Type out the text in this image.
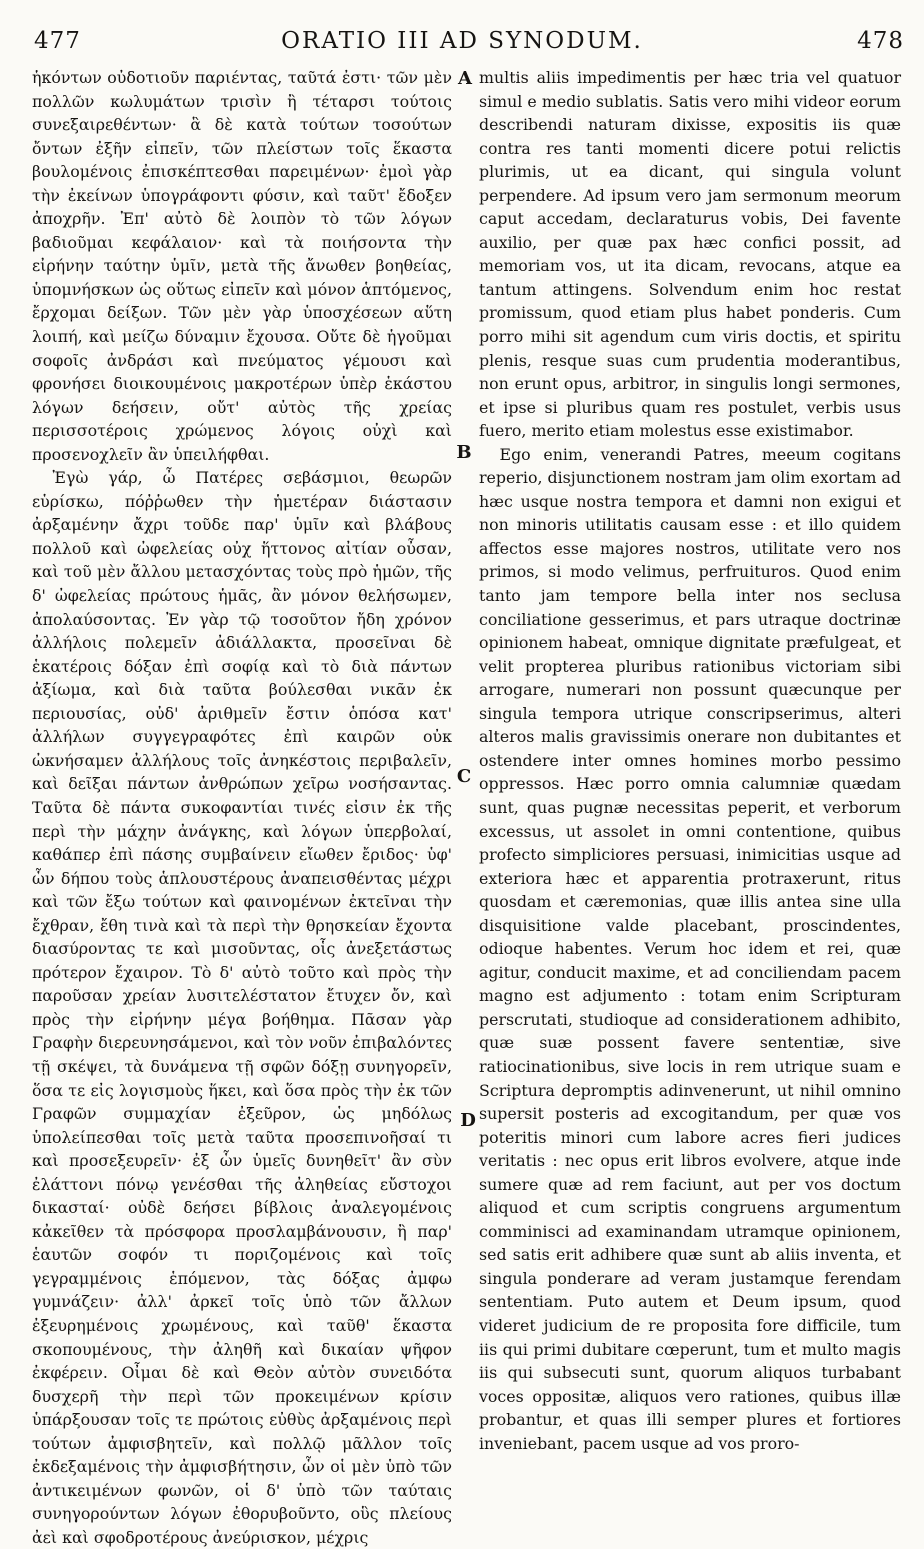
477	ORATIO III AD SYNODUM.	478

ἡκόντων οὐδοτιοῦν παριέντας, ταῦτά ἐστι· τῶν μὲν πολλῶν κωλυμάτων τρισὶν ἢ τέταρσι τούτοις συνεξαιρεθέντων· ἃ δὲ κατὰ τούτων τοσούτων ὄντων ἐξῆν εἰπεῖν, τῶν πλείστων τοῖς ἕκαστα βουλομένοις ἐπισκέπτεσθαι παρειμένων· ἐμοὶ γὰρ τὴν ἐκείνων ὑπογράφοντι φύσιν, καὶ ταῦτ' ἔδοξεν ἀποχρῆν. Ἐπ' αὐτὸ δὲ λοιπὸν τὸ τῶν λόγων βαδιοῦμαι κεφάλαιον· καὶ τὰ ποιήσοντα τὴν εἰρήνην ταύτην ὑμῖν, μετὰ τῆς ἄνωθεν βοηθείας, ὑπομνήσκων ὡς οὕτως εἰπεῖν καὶ μόνον ἁπτόμενος, ἔρχομαι δείξων. Τῶν μὲν γὰρ ὑποσχέσεων αὕτη λοιπή, καὶ μείζω δύναμιν ἔχουσα. Οὔτε δὲ ἡγοῦμαι σοφοῖς ἀνδράσι καὶ πνεύματος γέμουσι καὶ φρονήσει διοικουμένοις μακροτέρων ὑπὲρ ἑκάστου λόγων δεήσειν, οὔτ' αὐτὸς τῆς χρείας περισσοτέροις χρώμενος λόγοις οὐχὶ καὶ προσενοχλεῖν ἂν ὑπειλήφθαι.

Ἐγὼ γάρ, ὦ Πατέρες σεβάσμιοι, θεωρῶν εὑρίσκω, πόῤῥωθεν τὴν ἡμετέραν διάστασιν ἀρξαμένην ἄχρι τοῦδε παρ' ὑμῖν καὶ βλάβους πολλοῦ καὶ ὠφελείας οὐχ ἥττονος αἰτίαν οὖσαν, καὶ τοῦ μὲν ἄλλου μετασχόντας τοὺς πρὸ ἡμῶν, τῆς δ' ὠφελείας πρώτους ἡμᾶς, ἂν μόνον θελήσωμεν, ἀπολαύσοντας. Ἐν γὰρ τῷ τοσοῦτον ἤδη χρόνον ἀλλήλοις πολεμεῖν ἀδιάλλακτα, προσεῖναι δὲ ἑκατέροις δόξαν ἐπὶ σοφίᾳ καὶ τὸ διὰ πάντων ἀξίωμα, καὶ διὰ ταῦτα βούλεσθαι νικᾶν ἐκ περιουσίας, οὐδ' ἀριθμεῖν ἔστιν ὁπόσα κατ' ἀλλήλων συγγεγραφότες ἐπὶ καιρῶν οὐκ ὠκνήσαμεν ἀλλήλους τοῖς ἀνηκέστοις περιβαλεῖν, καὶ δεῖξαι πάντων ἀνθρώπων χεῖρω νοσήσαντας. Ταῦτα δὲ πάντα συκοφαντίαι τινές εἰσιν ἐκ τῆς περὶ τὴν μάχην ἀνάγκης, καὶ λόγων ὑπερβολαί, καθάπερ ἐπὶ πάσης συμβαίνειν εἴωθεν ἔριδος· ὑφ' ὧν δήπου τοὺς ἁπλουστέρους ἀναπεισθέντας μέχρι καὶ τῶν ἔξω τούτων καὶ φαινομένων ἐκτεῖναι τὴν ἔχθραν, ἔθη τινὰ καὶ τὰ περὶ τὴν θρησκείαν ἔχοντα διασύροντας τε καὶ μισοῦντας, οἷς ἀνεξετάστως πρότερον ἔχαιρον. Τὸ δ' αὐτὸ τοῦτο καὶ πρὸς τὴν παροῦσαν χρείαν λυσιτελέστατον ἔτυχεν ὄν, καὶ πρὸς τὴν εἰρήνην μέγα βοήθημα. Πᾶσαν γὰρ Γραφὴν διερευνησάμενοι, καὶ τὸν νοῦν ἐπιβαλόντες τῇ σκέψει, τὰ δυνάμενα τῇ σφῶν δόξῃ συνηγορεῖν, ὅσα τε εἰς λογισμοὺς ἥκει, καὶ ὅσα πρὸς τὴν ἐκ τῶν Γραφῶν συμμαχίαν ἐξεῦρον, ὡς μηδόλως ὑπολείπεσθαι τοῖς μετὰ ταῦτα προσεπινοῆσαί τι καὶ προσεξευρεῖν· ἐξ ὧν ὑμεῖς δυνηθεῖτ' ἂν σὺν ἐλάττονι πόνῳ γενέσθαι τῆς ἀληθείας εὔστοχοι δικασταί· οὐδὲ δεήσει βίβλοις ἀναλεγομένοις κἀκεῖθεν τὰ πρόσφορα προσλαμβάνουσιν, ἢ παρ' ἑαυτῶν σοφόν τι ποριζομένοις καὶ τοῖς γεγραμμένοις ἑπόμενον, τὰς δόξας ἀμφω γυμνάζειν· ἀλλ' ἀρκεῖ τοῖς ὑπὸ τῶν ἄλλων ἐξευρημένοις χρωμένους, καὶ ταῦθ' ἕκαστα σκοπουμένους, τὴν ἀληθῆ καὶ δικαίαν ψῆφον ἐκφέρειν. Οἶμαι δὲ καὶ Θεὸν αὐτὸν συνειδότα δυσχερῆ τὴν περὶ τῶν προκειμένων κρίσιν ὑπάρξουσαν τοῖς τε πρώτοις εὐθὺς ἀρξαμένοις περὶ τούτων ἀμφισβητεῖν, καὶ πολλῷ μᾶλλον τοῖς ἐκδεξαμένοις τὴν ἀμφισβήτησιν, ὧν οἱ μὲν ὑπὸ τῶν ἀντικειμένων φωνῶν, οἱ δ' ὑπὸ τῶν ταύταις συνηγορούντων λόγων ἐθορυβοῦντο, οὓς πλείους ἀεὶ καὶ σφοδροτέρους ἀνεύρισκον, μέχρις

A
B
C
D

multis aliis impedimentis per hæc tria vel quatuor simul e medio sublatis. Satis vero mihi videor eorum describendi naturam dixisse, expositis iis quæ contra res tanti momenti dicere potui relictis plurimis, ut ea dicant, qui singula volunt perpendere. Ad ipsum vero jam sermonum meorum caput accedam, declaraturus vobis, Dei favente auxilio, per quæ pax hæc confici possit, ad memoriam vos, ut ita dicam, revocans, atque ea tantum attingens. Solvendum enim hoc restat promissum, quod etiam plus habet ponderis. Cum porro mihi sit agendum cum viris doctis, et spiritu plenis, resque suas cum prudentia moderantibus, non erunt opus, arbitror, in singulis longi sermones, et ipse si pluribus quam res postulet, verbis usus fuero, merito etiam molestus esse existimabor.

Ego enim, venerandi Patres, meeum cogitans reperio, disjunctionem nostram jam olim exortam ad hæc usque nostra tempora et damni non exigui et non minoris utilitatis causam esse : et illo quidem affectos esse majores nostros, utilitate vero nos primos, si modo velimus, perfruituros. Quod enim tanto jam tempore bella inter nos seclusa conciliatione gesserimus, et pars utraque doctrinæ opinionem habeat, omnique dignitate præfulgeat, et velit propterea pluribus rationibus victoriam sibi arrogare, numerari non possunt quæcunque per singula tempora utrique conscripserimus, alteri alteros malis gravissimis onerare non dubitantes et ostendere inter omnes homines morbo pessimo oppressos. Hæc porro omnia calumniæ quædam sunt, quas pugnæ necessitas peperit, et verborum excessus, ut assolet in omni contentione, quibus profecto simpliciores persuasi, inimicitias usque ad exteriora hæc et apparentia protraxerunt, ritus quosdam et cæremonias, quæ illis antea sine ulla disquisitione valde placebant, proscindentes, odioque habentes. Verum hoc idem et rei, quæ agitur, conducit maxime, et ad conciliendam pacem magno est adjumento : totam enim Scripturam perscrutati, studioque ad considerationem adhibito, quæ suæ possent favere sententiæ, sive ratiocinationibus, sive locis in rem utrique suam e Scriptura depromptis adinvenerunt, ut nihil omnino supersit posteris ad excogitandum, per quæ vos poteritis minori cum labore acres fieri judices veritatis : nec opus erit libros evolvere, atque inde sumere quæ ad rem faciunt, aut per vos doctum aliquod et cum scriptis congruens argumentum comminisci ad examinandam utramque opinionem, sed satis erit adhibere quæ sunt ab aliis inventa, et singula ponderare ad veram justamque ferendam sententiam. Puto autem et Deum ipsum, quod videret judicium de re proposita fore difficile, tum iis qui primi dubitare cœperunt, tum et multo magis iis qui subsecuti sunt, quorum aliquos turbabant voces oppositæ, aliquos vero rationes, quibus illæ probantur, et quas illi semper plures et fortiores inveniebant, pacem usque ad vos proro-
